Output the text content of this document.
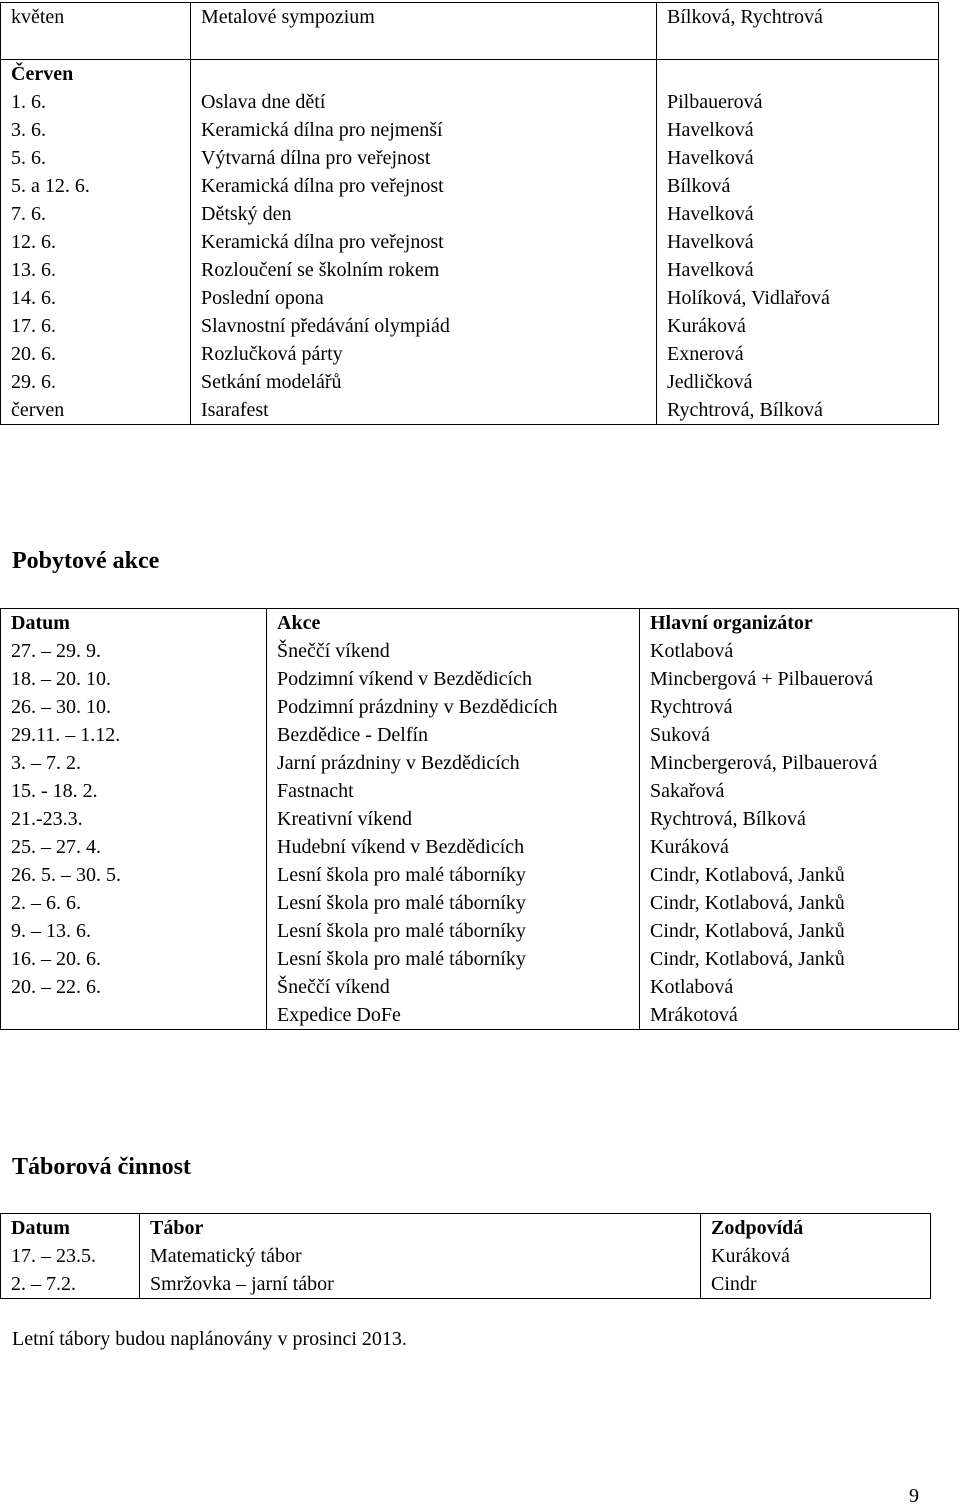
květen	Metalové sympozium	Bílková, Rychtrová

Červen		
1. 6.	Oslava dne dětí	Pilbauerová
3. 6.	Keramická dílna pro nejmenší	Havelková
5. 6.	Výtvarná dílna pro veřejnost	Havelková
5. a 12. 6.	Keramická dílna pro veřejnost	Bílková
7. 6.	Dětský den	Havelková
12. 6.	Keramická dílna pro veřejnost	Havelková
13. 6.	Rozloučení se školním rokem	Havelková
14. 6.	Poslední opona	Holíková, Vidlařová
17. 6.	Slavnostní předávání olympiád	Kuráková
20. 6.	Rozlučková párty	Exnerová
29. 6.	Setkání modelářů	Jedličková
červen	Isarafest	Rychtrová, Bílková
Pobytové akce
Datum	Akce	Hlavní organizátor
27. – 29. 9.	Šneččí víkend	Kotlabová
18. – 20. 10.	Podzimní víkend v Bezdědicích	Mincbergová + Pilbauerová
26. – 30. 10.	Podzimní prázdniny v Bezdědicích	Rychtrová
29.11. – 1.12.	Bezdědice - Delfín	Suková
3. – 7. 2.	Jarní prázdniny v Bezdědicích	Mincbergerová, Pilbauerová
15. - 18. 2.	Fastnacht	Sakařová
21.-23.3.	Kreativní víkend	Rychtrová, Bílková
25. – 27. 4.	Hudební víkend v Bezdědicích	Kuráková
26. 5. – 30. 5.	Lesní škola pro malé táborníky	Cindr, Kotlabová, Janků
2. – 6. 6.	Lesní škola pro malé táborníky	Cindr, Kotlabová, Janků
9. – 13. 6.	Lesní škola pro malé táborníky	Cindr, Kotlabová, Janků
16. – 20. 6.	Lesní škola pro malé táborníky	Cindr, Kotlabová, Janků
20. – 22. 6.	Šneččí víkend	Kotlabová
	Expedice DoFe	Mrákotová
Táborová činnost
Datum	Tábor	Zodpovídá
17. – 23.5.	Matematický tábor	Kuráková
2. – 7.2.	Smržovka – jarní tábor	Cindr
Letní tábory budou naplánovány v prosinci 2013.
9
